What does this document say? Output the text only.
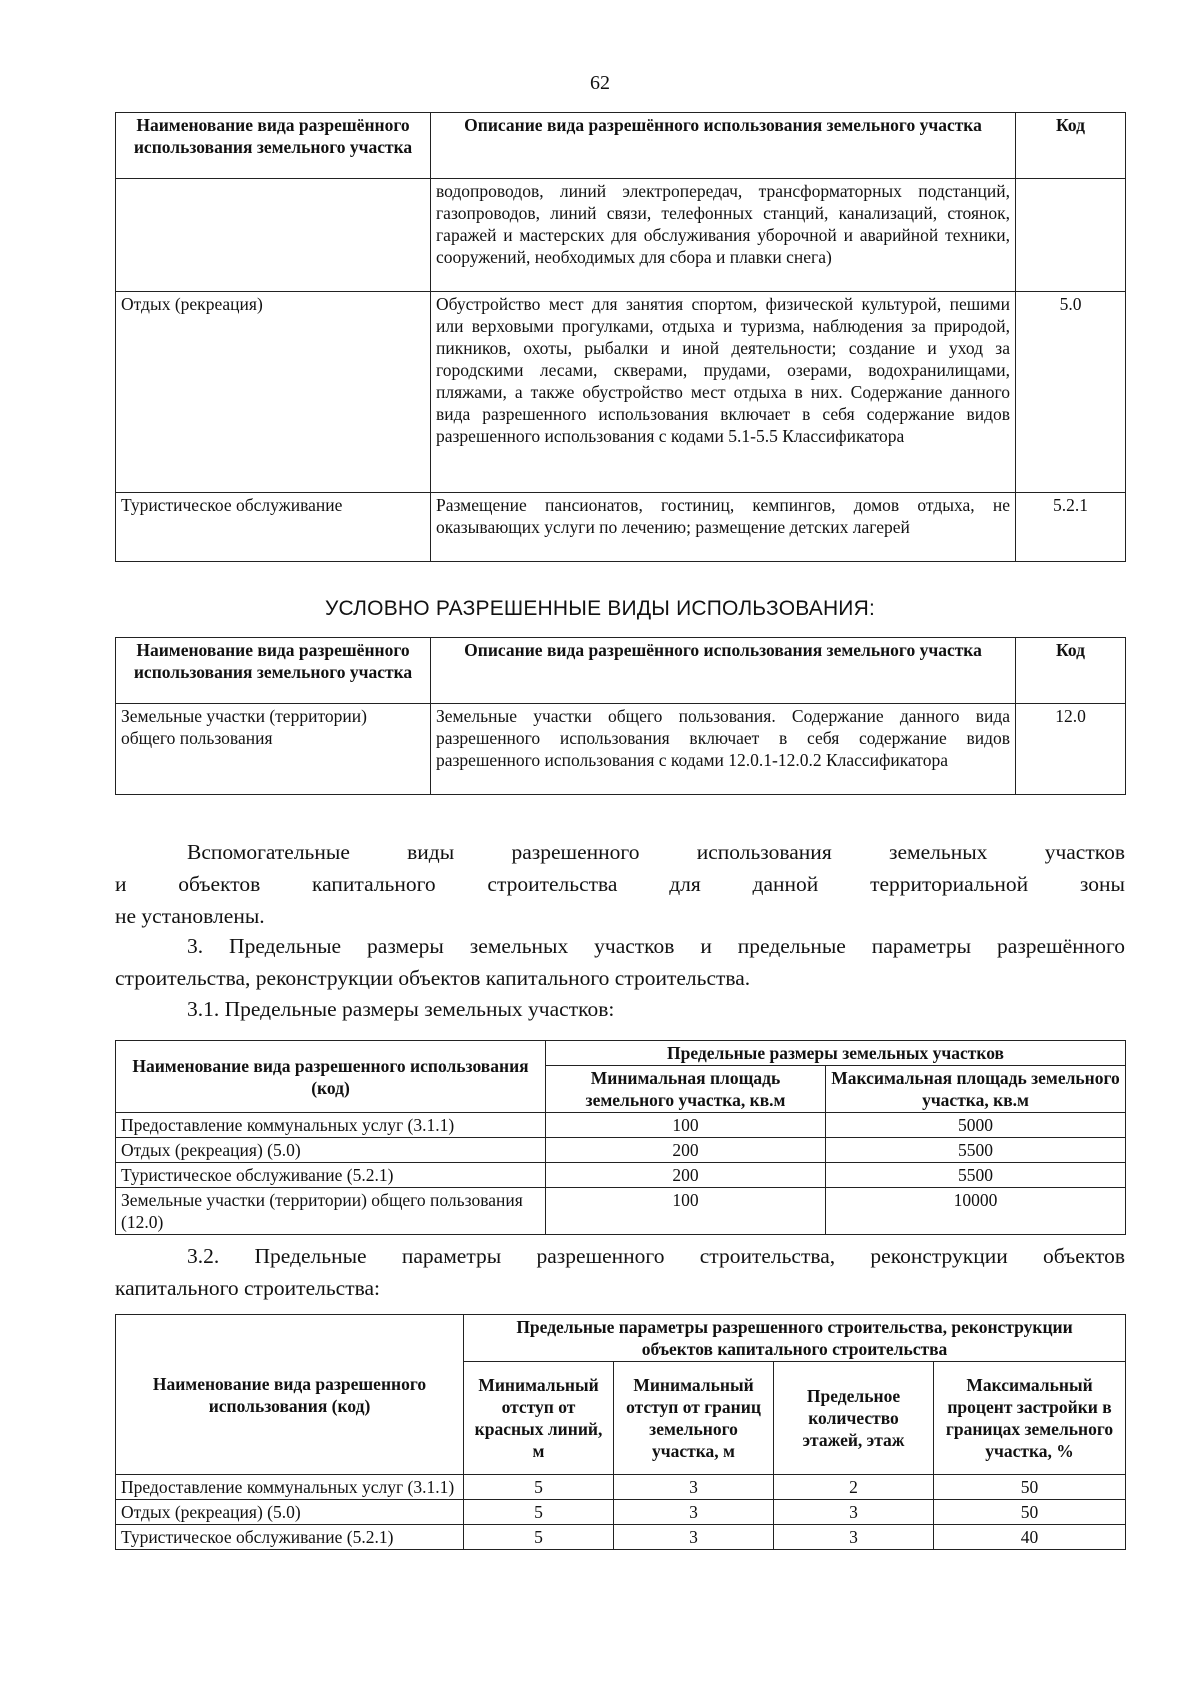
62
Наименование вида разрешённого использования земельного участка	Описание вида разрешённого использования земельного участка	Код
	водопроводов, линий электропередач, трансформаторных подстанций, газопроводов, линий связи, телефонных станций, канализаций, стоянок, гаражей и мастерских для обслуживания уборочной и аварийной техники, сооружений, необходимых для сбора и плавки снега)	
Отдых (рекреация)	Обустройство мест для занятия спортом, физической культурой, пешими или верховыми прогулками, отдыха и туризма, наблюдения за природой, пикников, охоты, рыбалки и иной деятельности; создание и уход за городскими лесами, скверами, прудами, озерами, водохранилищами, пляжами, а также обустройство мест отдыха в них. Содержание данного вида разрешенного использования включает в себя содержание видов разрешенного использования с кодами 5.1-5.5 Классификатора	5.0
Туристическое обслуживание	Размещение пансионатов, гостиниц, кемпингов, домов отдыха, не оказывающих услуги по лечению; размещение детских лагерей	5.2.1
УСЛОВНО РАЗРЕШЕННЫЕ ВИДЫ ИСПОЛЬЗОВАНИЯ:
Наименование вида разрешённого использования земельного участка	Описание вида разрешённого использования земельного участка	Код
Земельные участки (территории) общего пользования	Земельные участки общего пользования. Содержание данного вида разрешенного использования включает в себя содержание видов разрешенного использования с кодами 12.0.1-12.0.2 Классификатора	12.0
Вспомогательные виды разрешенного использования земельных участков
и объектов капитального строительства для данной территориальной зоны
не установлены.
3. Предельные размеры земельных участков и предельные параметры разрешённого
строительства, реконструкции объектов капитального строительства.
3.1. Предельные размеры земельных участков:
Наименование вида разрешенного использования (код)	Предельные размеры земельных участков	
	Минимальная площадь земельного участка, кв.м	Максимальная площадь земельного участка, кв.м
Предоставление коммунальных услуг (3.1.1)	100	5000
Отдых (рекреация) (5.0)	200	5500
Туристическое обслуживание (5.2.1)	200	5500
Земельные участки (территории) общего пользования (12.0)	100	10000
3.2. Предельные параметры разрешенного строительства, реконструкции объектов
капитального строительства:
Наименование вида разрешенного использования (код)	Предельные параметры разрешенного строительства, реконструкции объектов капитального строительства			
	Минимальный отступ от красных линий, м	Минимальный отступ от границ земельного участка, м	Предельное количество этажей, этаж	Максимальный процент застройки в границах земельного участка, %
Предоставление коммунальных услуг (3.1.1)	5	3	2	50
Отдых (рекреация) (5.0)	5	3	3	50
Туристическое обслуживание (5.2.1)	5	3	3	40
